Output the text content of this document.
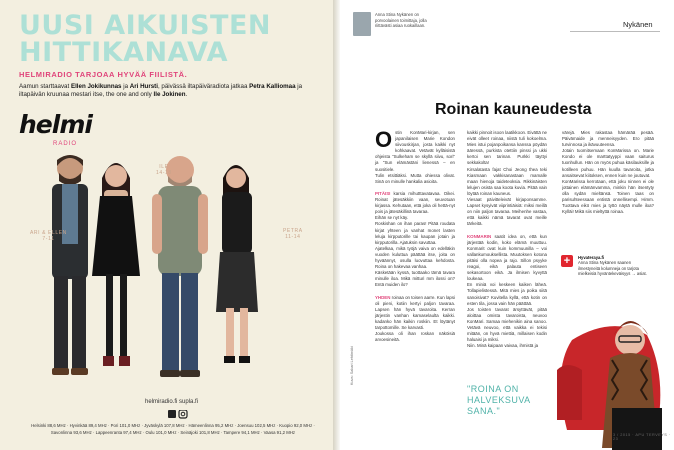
UUSI AIKUISTEN HITTIKANAVA
HELMIRADIO TARJOAA HYVÄÄ FIILISTÄ.
Aamun starttaavat Ellen Jokikunnas ja Ari Hursti, päivässä iltapäiväradiota jatkaa Petra Kalliomaa ja iltapäivän kruunaa mestari itse, the one and only Ile Jokinen.
helmi
RADIO
ARI & ELLEN
7-11
ILE
14-18
PETRA
11-14
helmiradio.fi supla.fi
Helsinki 88,6 MHz · Hyvinkää 89,4 MHz · Pori 101,0 MHz · Jyväskylä 107,8 MHz · Hämeenlinna 95,2 MHz · Joensuu 102,5 MHz · Kuopio 92,0 MHz · Savonlinna 93,6 MHz · Lappeenranta 97,4 MHz · Oulu 101,0 MHz · Seinäjoki 101,8 MHz · Tampere 94,1 MHz · Vaasa 91,2 MHz
Anna Stina Nykänen on porvoolainen toimittaja, jolla riittävästi asiaa ruokaillaan.	Nykänen
Roinan kauneudesta
Ostin KonMari-kirjan, sen japanilaisen Marie Kondon siivouskirjan, josta kaikki nyt kohkaavat. Vetävät kylläisistä ohjeista "Sulkeham se skyllä siivu, sori" ja "Sun elämästäni lienessä – en suositiele.
Tulin etsittiäksi. Mutta ohiessa olivat. Sinä on minulle hankalia asioita.

PITÄISI karsia mihutttavatavaa. Oikei. Roinat jätesäkkiin vaan, seuvotuan kirjassa. Kehutaan, että joka oli hettä-nyt pois ja jätesäkillinä tavaraa.
Eihän se nyt käy.
Roskishan on ihan paras! Pitää roudata kirjat yhteen ja vanhat monet lasten leluja kirpputorille tai kaupan jotain ja kirpputorilla. Ajatuksin savuttaa.
Ajatelkaa, mikä työjä vaiva on edelläkin vuoden kuluttua päättää itse, joita on hyväännyt, osulla luovuttaa kehdosta. Roina on hakevaa vanhaa.
Käsketään kyssä, tuottaako tämä tavara minulle iloa. Mikä mitturi mm ilossi on? Entä muiden ilo?

YHDEN roinaa on toisen aarre. Kun lapsi oli pieni, kotiin kertyi paljon tavaraa. Lapsen hän hyvä tavaroita. Kerran järjestin vanhan kamaselaulta kaikki. kadanko hän kaikin roskiin. Et löytänyt tarpottomille. Se karvasti.
Joukossa oli ihan roskan näköisiä arvoesineitä.
kaikki pinnoit isoon laatikkoon. Eivättä ne eivät olleet roinaa, niistä tuli kokoelma. Mies istui pojanpoikansa kanssa pöydän ääressä, purkista otettiin pinssi ja ukki kertoi sen tarinan. Purkki täyttyi sekkakolta!
Kirsalatasta fajat Choi Jeong thea teki Kiasmaan vakkisanastaan mamalle maan hienoja taideteoksia. Rikkinäisten lelujen osista saa koota kuvia. Pitää vain löytää roinan kauneus.
Viesaat päivitteleivät kirjaponsamme. Lapset kysyivät viiprintiäisiä: miksi meillä on niin paljon tavaraa. Meihenhe vastaa, että kaikki nämä tavarat ovat meille tärkeitä.

KONMARIN saatit idea on, että kun järjestää kodin, koko elämä muuttuu. Konmarit ovat kuin kommuunilla – voi vallankumouksellista. Muutoksen kotona pitäisi olla nopea ja rajo. Sillon psyyke reagoi, eikä palauta entiseen sekasortoon eikä. Ja ilmisen kyvyttä loukeaa.
En miniä voi keskeen kaiken läheä. Tollapielistessä. Mitä mies ja poika siitä sanoisivat? Kuvitella kyllä, että kotin on esten tila, jossa vain hän päättää.
Jos toisten tavarat ärsyttävät, pitää aloittaa omista tavaroista, neuvoo KonMari. Samaa miehenikin aina sanoo. Vetävä neuvoo, että vaikka ei tekisi mitään, on hyvä miettiä, millaisen kodin haluaisi ja miksi.
Niin. Minä kaipaan vaivaa, ihmistä ja
värejä. Mies rakastaa hämärää pesää. Päivämaide ja menneisyyden. Ero pitää turvinnosa ja ikävuuteensa.
Jotain tuomitsemaan KonMarissa on. Marie Kondo ei ole marttatyyppi vaan saiturus tuonhullun. Hän on myös puhua käsilauksille ja kotilleen puhuu. Hän kuulla tavaroita, jotka ansaitsevat kiitoksen, ennen kuin ne joutuvat.
KonMarissa kerrotaan, että joku ninnen ei ole jottainen elämänvamma, minkin hän itsentyty olla sydän mieltänsä. Toinen taas on parisuhteessaan entistä onnellisempi. Himm. Tuottava eikö mies ja tyttö näytä mulle iloa? Kylläi! Mikä siis mieltyttä roinaa.
+	Hyvateraya.fi
Anna Stina Nykänen saanen ilmestyneitä kolumneja on tarjota mielkeisiä hyväntekeväisyys → asiat.
"ROINA ON HALVEKSUVA SANA."
Kuva: Sakari Lehtimäki
3 / 2015 · APU TERVEYS · 23
